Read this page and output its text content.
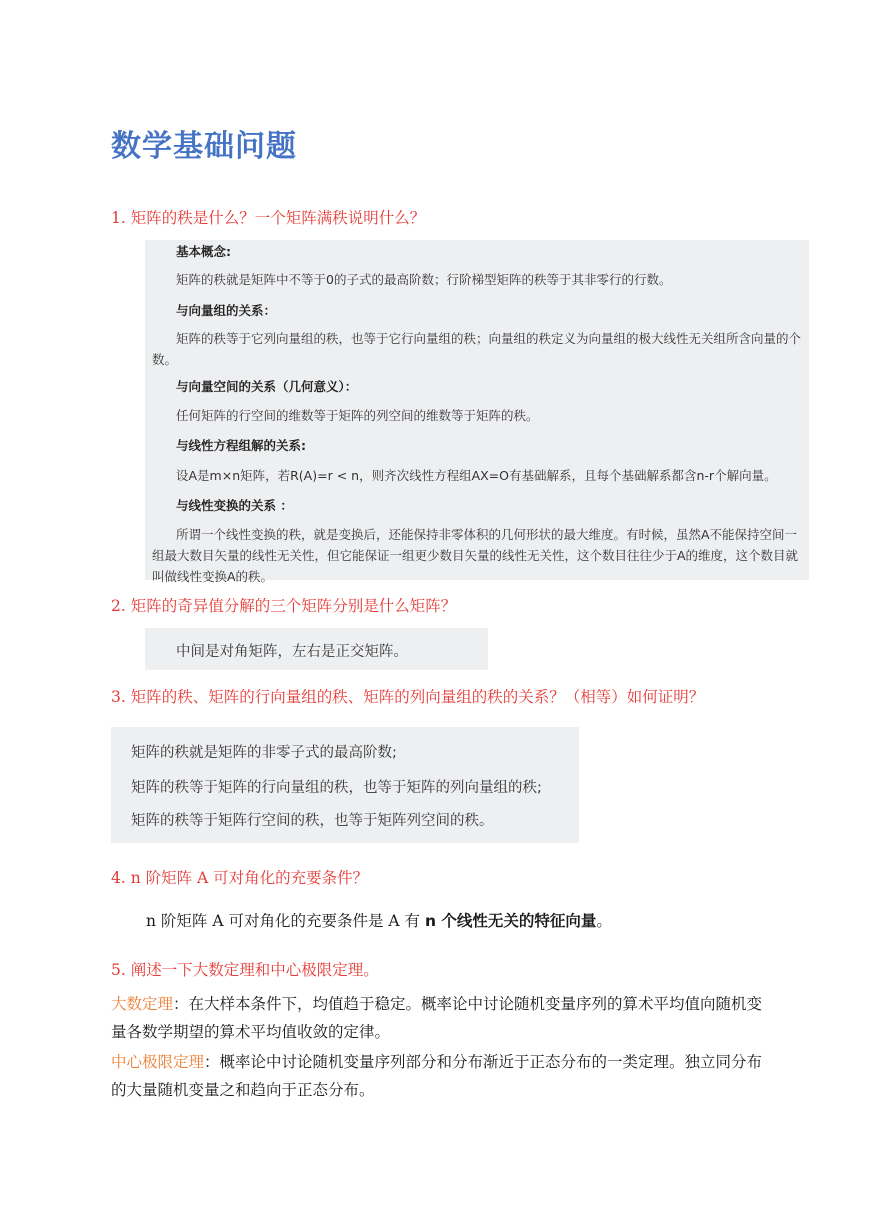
数学基础问题
1. 矩阵的秩是什么？一个矩阵满秩说明什么？
基本概念:
矩阵的秩就是矩阵中不等于0的子式的最高阶数；行阶梯型矩阵的秩等于其非零行的行数。
与向量组的关系：
矩阵的秩等于它列向量组的秩，也等于它行向量组的秩；向量组的秩定义为向量组的极大线性无关组所含向量的个数。
与向量空间的关系（几何意义）：
任何矩阵的行空间的维数等于矩阵的列空间的维数等于矩阵的秩。
与线性方程组解的关系:
设A是m×n矩阵，若R(A)=r < n，则齐次线性方程组AX=O有基础解系，且每个基础解系都含n-r个解向量。
与线性变换的关系 ：
所谓一个线性变换的秩，就是变换后，还能保持非零体积的几何形状的最大维度。有时候，虽然A不能保持空间一组最大数目矢量的线性无关性，但它能保证一组更少数目矢量的线性无关性，这个数目往往少于A的维度，这个数目就叫做线性变换A的秩。
2. 矩阵的奇异值分解的三个矩阵分别是什么矩阵？
中间是对角矩阵，左右是正交矩阵。
3. 矩阵的秩、矩阵的行向量组的秩、矩阵的列向量组的秩的关系？（相等）如何证明？
矩阵的秩就是矩阵的非零子式的最高阶数;
矩阵的秩等于矩阵的行向量组的秩，也等于矩阵的列向量组的秩;
矩阵的秩等于矩阵行空间的秩，也等于矩阵列空间的秩。
4. n 阶矩阵 A 可对角化的充要条件？
n 阶矩阵 A 可对角化的充要条件是 A 有 n 个线性无关的特征向量。
5. 阐述一下大数定理和中心极限定理。
大数定理：在大样本条件下，均值趋于稳定。概率论中讨论随机变量序列的算术平均值向随机变量各数学期望的算术平均值收敛的定律。
中心极限定理：概率论中讨论随机变量序列部分和分布渐近于正态分布的一类定理。独立同分布的大量随机变量之和趋向于正态分布。
